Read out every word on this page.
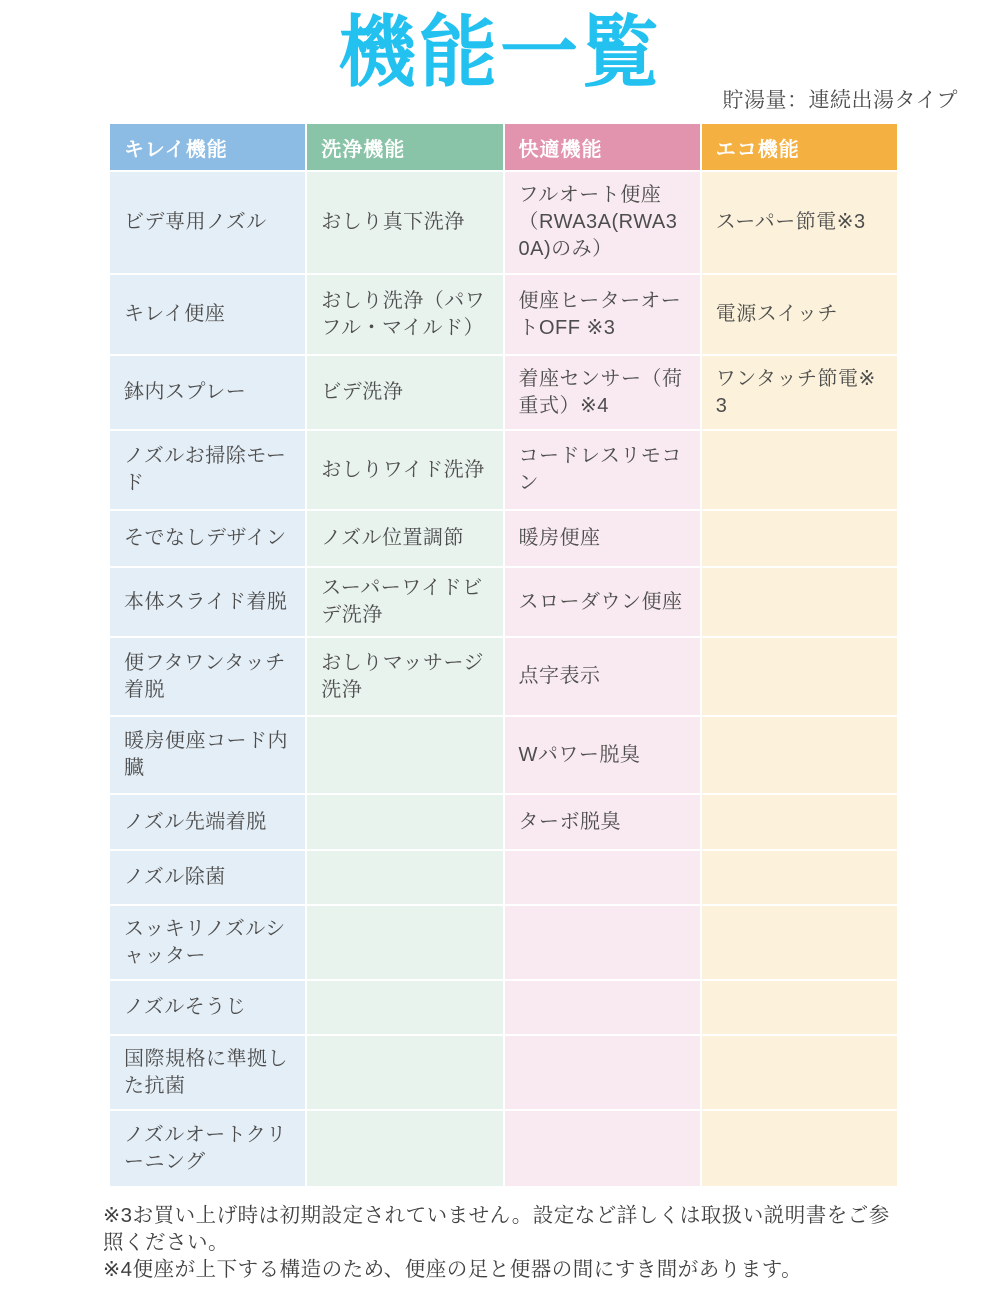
機能一覧
貯湯量：連続出湯タイプ
キレイ機能	洗浄機能	快適機能	エコ機能
ビデ専用ノズル	おしり真下洗浄	フルオート便座（RWA3A(RWA30A)のみ）	スーパー節電※3
キレイ便座	おしり洗浄（パワフル・マイルド）	便座ヒーターオートOFF ※3	電源スイッチ
鉢内スプレー	ビデ洗浄	着座センサー（荷重式）※4	ワンタッチ節電※3
ノズルお掃除モード	おしりワイド洗浄	コードレスリモコン	
そでなしデザイン	ノズル位置調節	暖房便座	
本体スライド着脱	スーパーワイドビデ洗浄	スローダウン便座	
便フタワンタッチ着脱	おしりマッサージ洗浄	点字表示	
暖房便座コード内臓		Wパワー脱臭	
ノズル先端着脱		ターボ脱臭	
ノズル除菌			
スッキリノズルシャッター			
ノズルそうじ			
国際規格に準拠した抗菌			
ノズルオートクリーニング			

※3お買い上げ時は初期設定されていません。設定など詳しくは取扱い説明書をご参照ください。

※4便座が上下する構造のため、便座の足と便器の間にすき間があります。
